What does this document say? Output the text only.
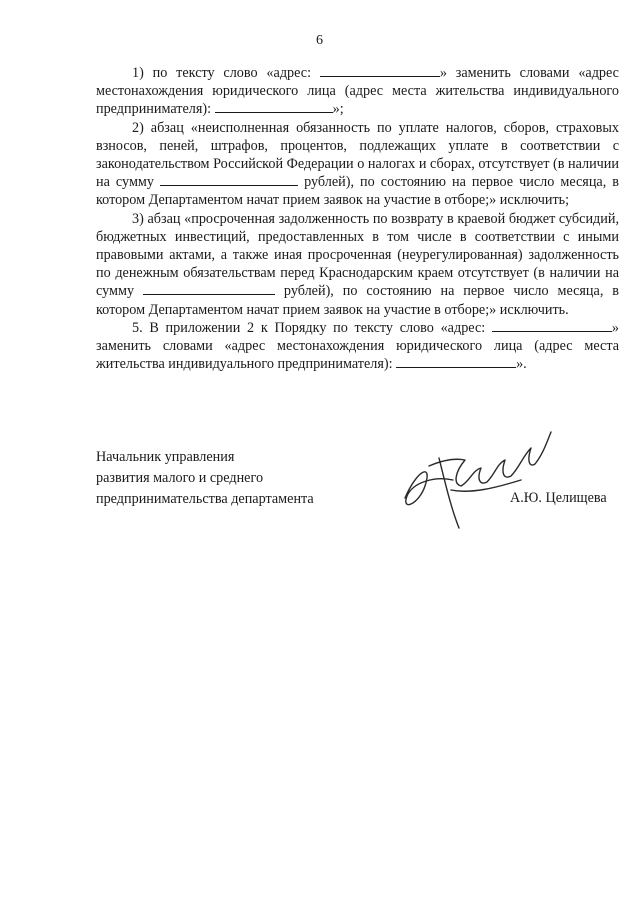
6

1) по тексту слово «адрес:	» заменить словами «адрес местонахождения юридического лица (адрес места жительства индивидуального предпринимателя):	»;

2) абзац «неисполненная обязанность по уплате налогов, сборов, страховых взносов, пеней, штрафов, процентов, подлежащих уплате в соответствии с законодательством Российской Федерации о налогах и сборах, отсутствует (в наличии на сумму	рублей), по состоянию на первое число месяца, в котором Департаментом начат прием заявок на участие в отборе;» исключить;

3) абзац «просроченная задолженность по возврату в краевой бюджет субсидий, бюджетных инвестиций, предоставленных в том числе в соответствии с иными правовыми актами, а также иная просроченная (неурегулированная) задолженность по денежным обязательствам перед Краснодарским краем отсутствует (в наличии на сумму	рублей), по состоянию на первое число месяца, в котором Департаментом начат прием заявок на участие в отборе;» исключить.

5. В приложении 2 к Порядку по тексту слово «адрес:	» заменить словами «адрес местонахождения юридического лица (адрес места жительства индивидуального предпринимателя):	».

Начальник управления
развития малого и среднего
предпринимательства департамента	А.Ю. Целищева
